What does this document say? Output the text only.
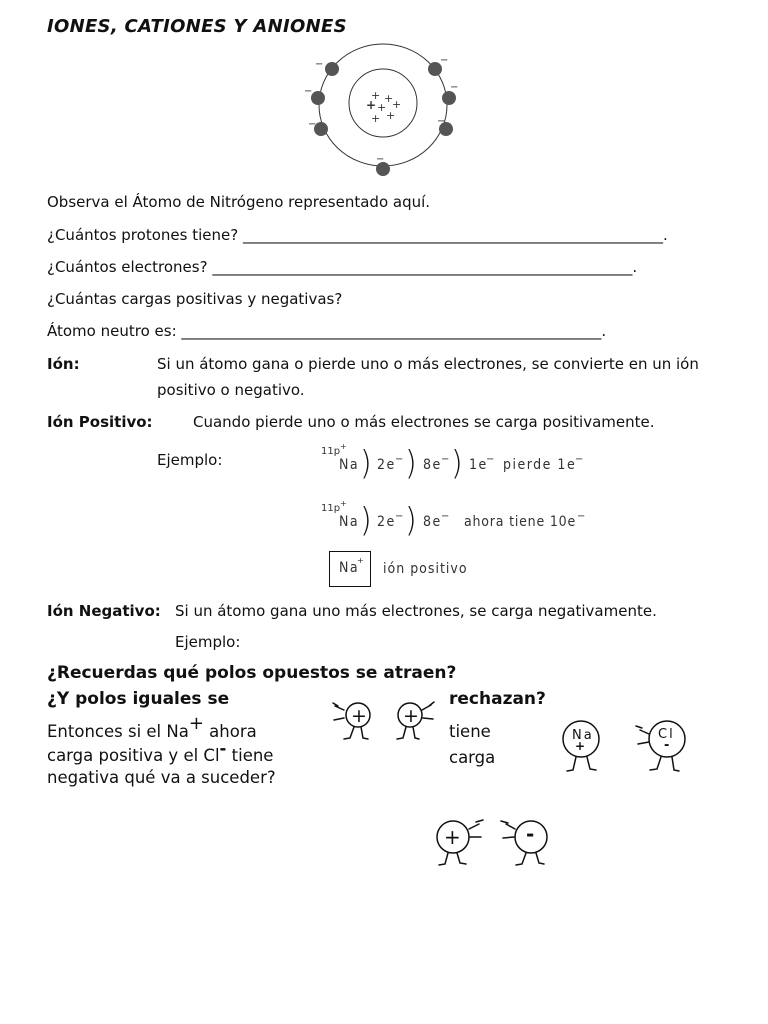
IONES, CATIONES Y ANIONES
+ +
+ + +
+ +
−	−
−	−
−	−
−
Observa el Átomo de Nitrógeno representado aquí.
¿Cuántos protones tiene? ________________________________________________________.
¿Cuántos electrones? ________________________________________________________.
¿Cuántas cargas positivas y negativas?
Átomo neutro es: ________________________________________________________.
Ión:	Si un átomo gana o pierde uno o más electrones, se convierte en un ión
positivo o negativo.
Ión Positivo:	Cuando pierde uno o más electrones se carga positivamente.
Ejemplo:	11p +
Na ) 2e − ) 8e − ) 1e
− pierde 1e
−
11p +
Na ) 2e − ) 8e − ahora tiene 10e −
Na
+
ión positivo
Ión Negativo: Si un átomo gana uno más electrones, se carga negativamente.
Ejemplo:
¿Recuerdas qué polos opuestos se atraen?
¿Y polos iguales se	rechazan?
Entonces si el Na+ ahora
carga positiva y el Cl- tiene
negativa qué va a suceder?
tiene
carga
+ +
Na
+
Cl
-
+	-
